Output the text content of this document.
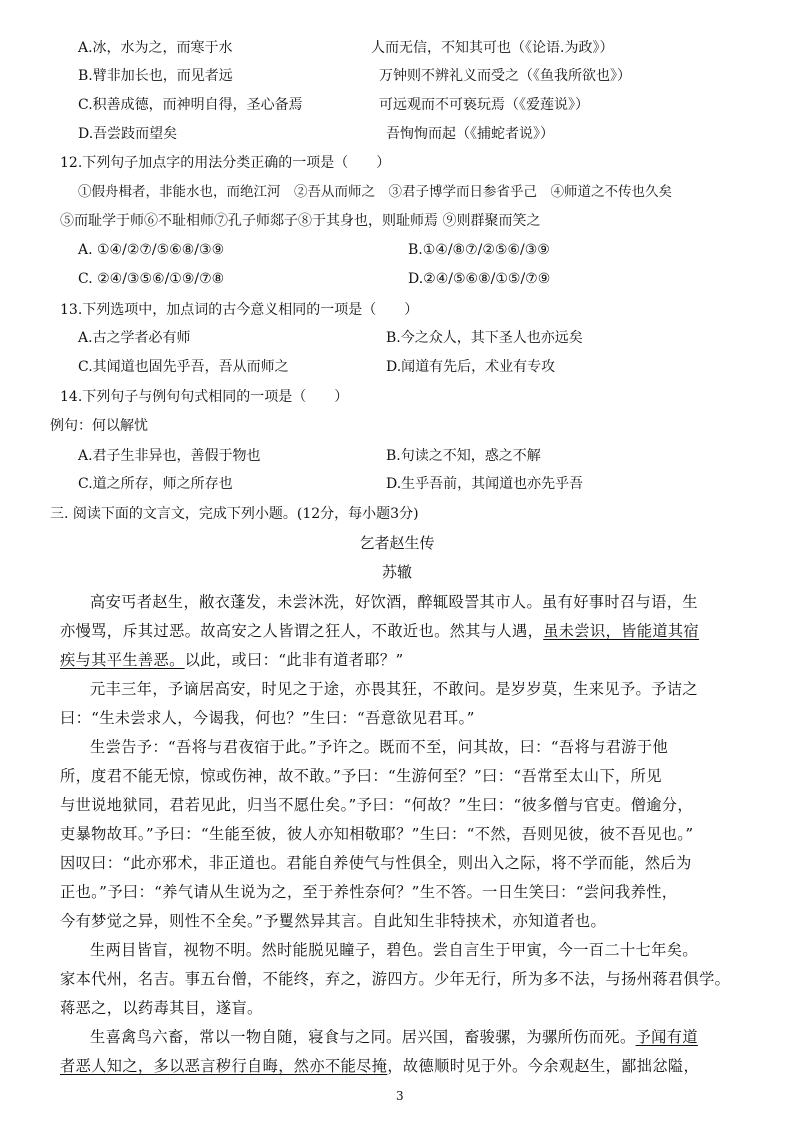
A.冰，水为之，而寒于水	人而无信，不知其可也（《论语.为政》）
B.臂非加长也，而见者远	万钟则不辨礼义而受之（《鱼我所欲也》）
C.积善成德，而神明自得，圣心备焉	可远观而不可亵玩焉（《爱莲说》）
D.吾尝跂而望矣	吾恂恂而起（《捕蛇者说》）
12.下列句子加点字的用法分类正确的一项是（　　）
①假舟楫者，非能水也，而绝江河　②吾从而师之　③君子博学而日参省乎己　④师道之不传也久矣
⑤而耻学于师⑥不耻相师⑦孔子师郯子⑧于其身也，则耻师焉 ⑨则群聚而笑之
A. ①④/②⑦/⑤⑥⑧/③⑨	B.①④/⑧⑦/②⑤⑥/③⑨
C. ②④/③⑤⑥/①⑨/⑦⑧	D.②④/⑤⑥⑧/①⑤/⑦⑨
13.下列选项中，加点词的古今意义相同的一项是（　　）
A.古之学者必有师	B.今之众人，其下圣人也亦远矣
C.其闻道也固先乎吾，吾从而师之	D.闻道有先后，术业有专攻
14.下列句子与例句句式相同的一项是（　　）
例句：何以解忧
A.君子生非异也，善假于物也	B.句读之不知，惑之不解
C.道之所存，师之所存也	D.生乎吾前，其闻道也亦先乎吾
三. 阅读下面的文言文，完成下列小题。(12分，每小题3分)
乞者赵生传
苏辙
高安丐者赵生，敝衣蓬发，未尝沐洗，好饮酒，醉辄殴詈其市人。虽有好事时召与语，生
亦慢骂，斥其过恶。故高安之人皆谓之狂人，不敢近也。然其与人遇，虽未尝识，皆能道其宿
疾与其平生善恶。以此，或曰：“此非有道者耶？”
元丰三年，予谪居高安，时见之于途，亦畏其狂，不敢问。是岁岁莫，生来见予。予诘之
曰：“生未尝求人，今谒我，何也？”生曰：“吾意欲见君耳。”
生尝告予：“吾将与君夜宿于此。”予许之。既而不至，问其故，曰：“吾将与君游于他
所，度君不能无惊，惊或伤神，故不敢。”予曰：“生游何至？”曰：“吾常至太山下，所见
与世说地狱同，君若见此，归当不愿仕矣。”予曰：“何故？”生曰：“彼多僧与官吏。僧逾分，
吏暴物故耳。”予曰：“生能至彼，彼人亦知相敬耶？”生曰：“不然，吾则见彼，彼不吾见也。”
因叹曰：“此亦邪术，非正道也。君能自养使气与性俱全，则出入之际，将不学而能，然后为
正也。”予曰：“养气请从生说为之，至于养性奈何？”生不答。一日生笑曰：“尝问我养性，
今有梦觉之异，则性不全矣。”予矍然异其言。自此知生非特挟术，亦知道者也。
生两目皆盲，视物不明。然时能脱见瞳子，碧色。尝自言生于甲寅，今一百二十七年矣。
家本代州，名吉。事五台僧，不能终，弃之，游四方。少年无行，所为多不法，与扬州蒋君俱学。
蒋恶之，以药毒其目，遂盲。
生喜禽鸟六畜，常以一物自随，寝食与之同。居兴国，畜骏骡，为骡所伤而死。予闻有道
者恶人知之，多以恶言秽行自晦，然亦不能尽掩，故德顺时见于外。今余观赵生，鄙拙忿隘，
3
